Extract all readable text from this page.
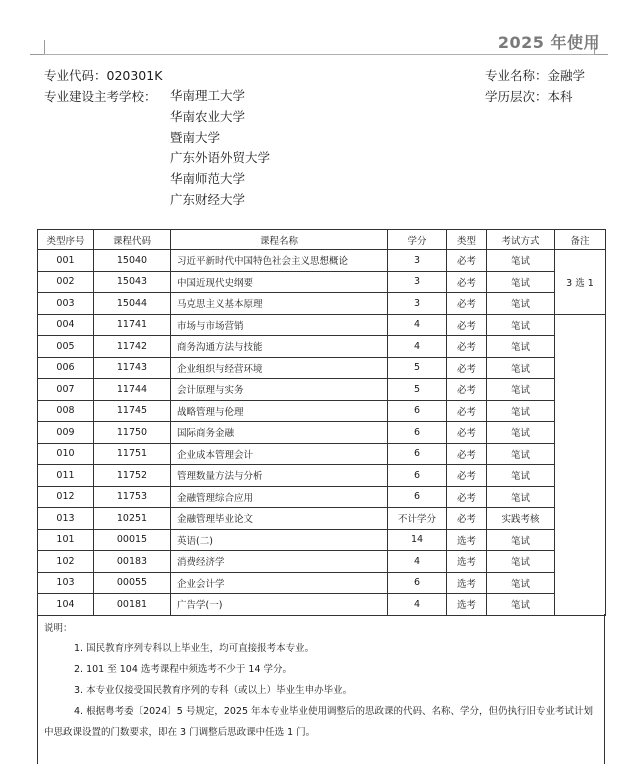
2025 年使用
专业代码：020301K	专业名称：金融学
专业建设主考学校：	学历层次：本科
华南理工大学
华南农业大学
暨南大学
广东外语外贸大学
华南师范大学
广东财经大学
类型序号	课程代码	课程名称	学分	类型	考试方式	备注
001	15040	习近平新时代中国特色社会主义思想概论	3	必考	笔试	3 选 1
002	15043	中国近现代史纲要	3	必考	笔试	
003	15044	马克思主义基本原理	3	必考	笔试	
004	11741	市场与市场营销	4	必考	笔试	
005	11742	商务沟通方法与技能	4	必考	笔试	
006	11743	企业组织与经营环境	5	必考	笔试	
007	11744	会计原理与实务	5	必考	笔试	
008	11745	战略管理与伦理	6	必考	笔试	
009	11750	国际商务金融	6	必考	笔试	
010	11751	企业成本管理会计	6	必考	笔试	
011	11752	管理数量方法与分析	6	必考	笔试	
012	11753	金融管理综合应用	6	必考	笔试	
013	10251	金融管理毕业论文	不计学分	必考	实践考核	
101	00015	英语(二)	14	选考	笔试	
102	00183	消费经济学	4	选考	笔试	
103	00055	企业会计学	6	选考	笔试	
104	00181	广告学(一)	4	选考	笔试	
说明：
1. 国民教育序列专科以上毕业生，均可直接报考本专业。
2. 101 至 104 选考课程中须选考不少于 14 学分。
3. 本专业仅接受国民教育序列的专科（或以上）毕业生申办毕业。
4. 根据粤考委〔2024〕5 号规定，2025 年本专业毕业使用调整后的思政课的代码、名称、学分，但仍执行旧专业考试计划中思政课设置的门数要求，即在 3 门调整后思政课中任选 1 门。
